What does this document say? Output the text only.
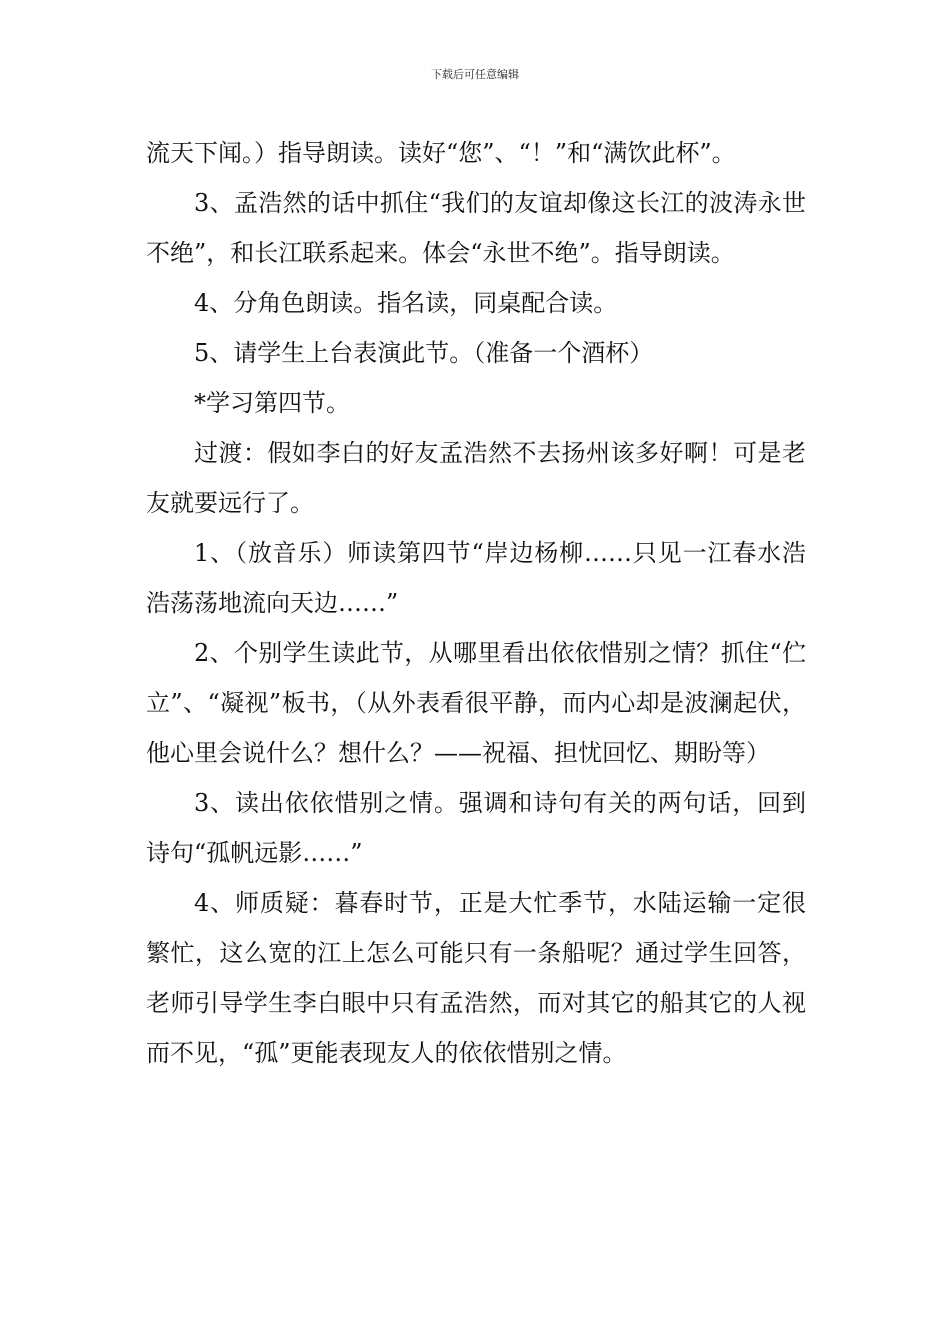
下载后可任意编辑

流天下闻。）指导朗读。读好“您”、“！”和“满饮此杯”。

3、孟浩然的话中抓住“我们的友谊却像这长江的波涛永世不绝”，和长江联系起来。体会“永世不绝”。指导朗读。

4、分角色朗读。指名读，同桌配合读。

5、请学生上台表演此节。（准备一个酒杯）

*学习第四节。

过渡：假如李白的好友孟浩然不去扬州该多好啊！可是老友就要远行了。

1、（放音乐）师读第四节“岸边杨柳……只见一江春水浩浩荡荡地流向天边……”

2、个别学生读此节，从哪里看出依依惜别之情？抓住“伫立”、“凝视”板书，（从外表看很平静，而内心却是波澜起伏，他心里会说什么？想什么？——祝福、担忧回忆、期盼等）

3、读出依依惜别之情。强调和诗句有关的两句话，回到诗句“孤帆远影……”

4、师质疑：暮春时节，正是大忙季节，水陆运输一定很繁忙，这么宽的江上怎么可能只有一条船呢？通过学生回答，老师引导学生李白眼中只有孟浩然，而对其它的船其它的人视而不见，“孤”更能表现友人的依依惜别之情。
